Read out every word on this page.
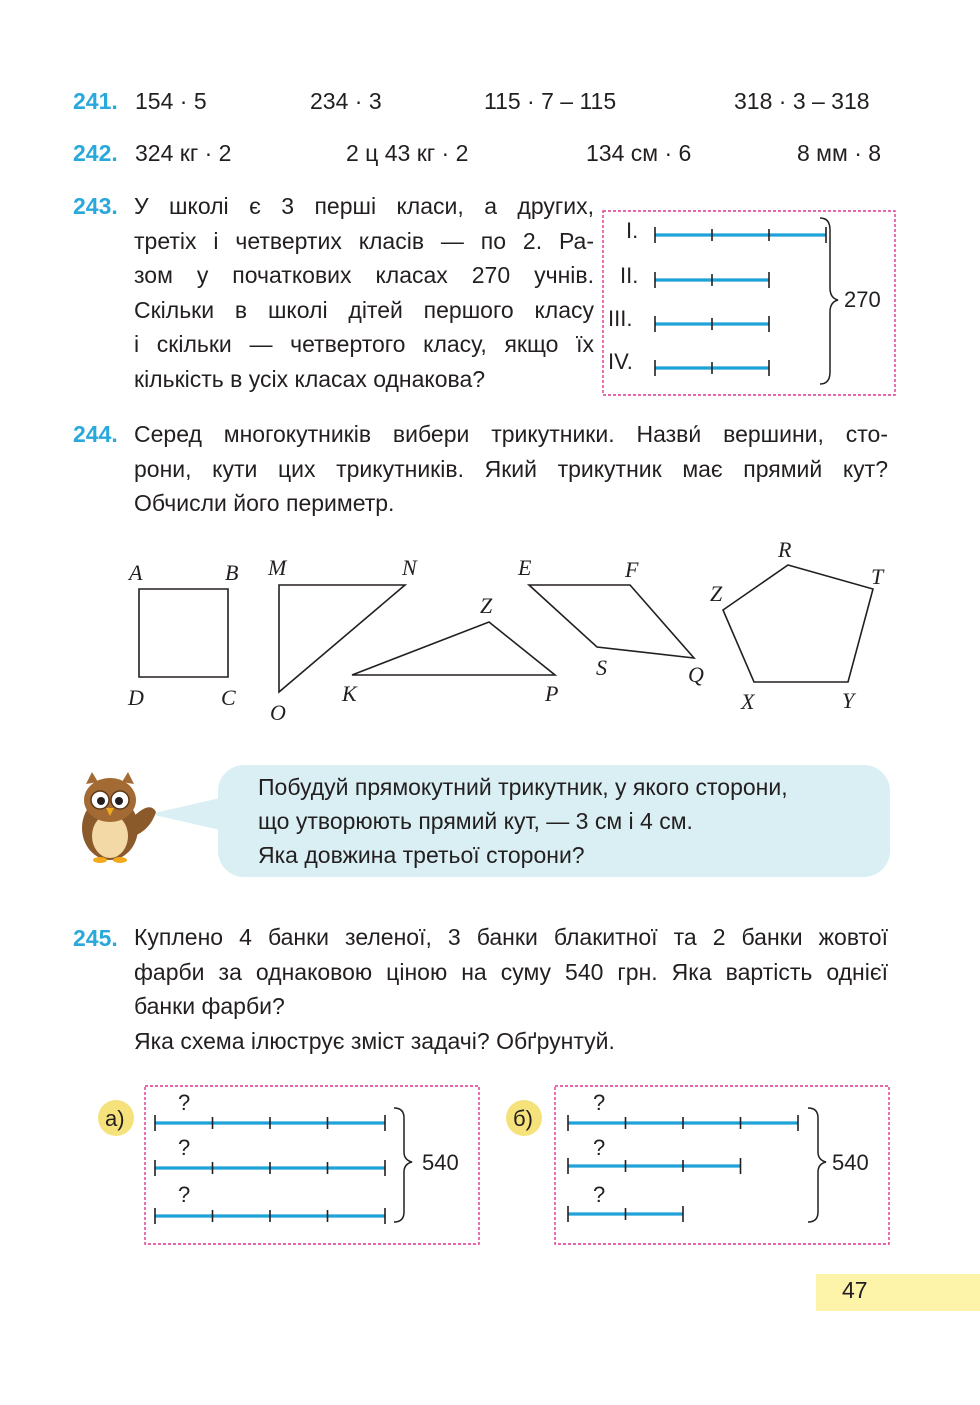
241. 154 · 5	234 · 3	115 · 7 – 115	318 · 3 – 318
242. 324 кг · 2	2 ц 43 кг · 2	134 см · 6	8 мм · 8
243. У школі є 3 перші класи, а других,
третіх і четвертих класів — по 2. Ра-
зом у початкових класах 270 учнів.
Скільки в школі дітей першого класу
і скільки — четвертого класу, якщо їх
кількість в усіх класах однакова?
I.
II.
III.
IV.
270
244. Серед многокутників вибери трикутники. Назви́ вершини, сто-
рони, кути цих трикутників. Який трикутник має прямий кут?
Обчисли його периметр.
A	B
C
D
M	N
O
K
Z
P
E	F
Q
S
R
T
Y
X
Z
Побудуй прямокутний трикутник, у якого сторони,
що утворюють прямий кут, — 3 см і 4 см.
Яка довжина третьої сторони?
245. Куплено 4 банки зеленої, 3 банки блакитної та 2 банки жовтої
фарби за однаковою ціною на суму 540 грн. Яка вартість однієї
банки фарби?
Яка схема ілюструє зміст задачі? Обґрунтуй.
а)
?
?
?
540
б)
?
?
?
540
47
